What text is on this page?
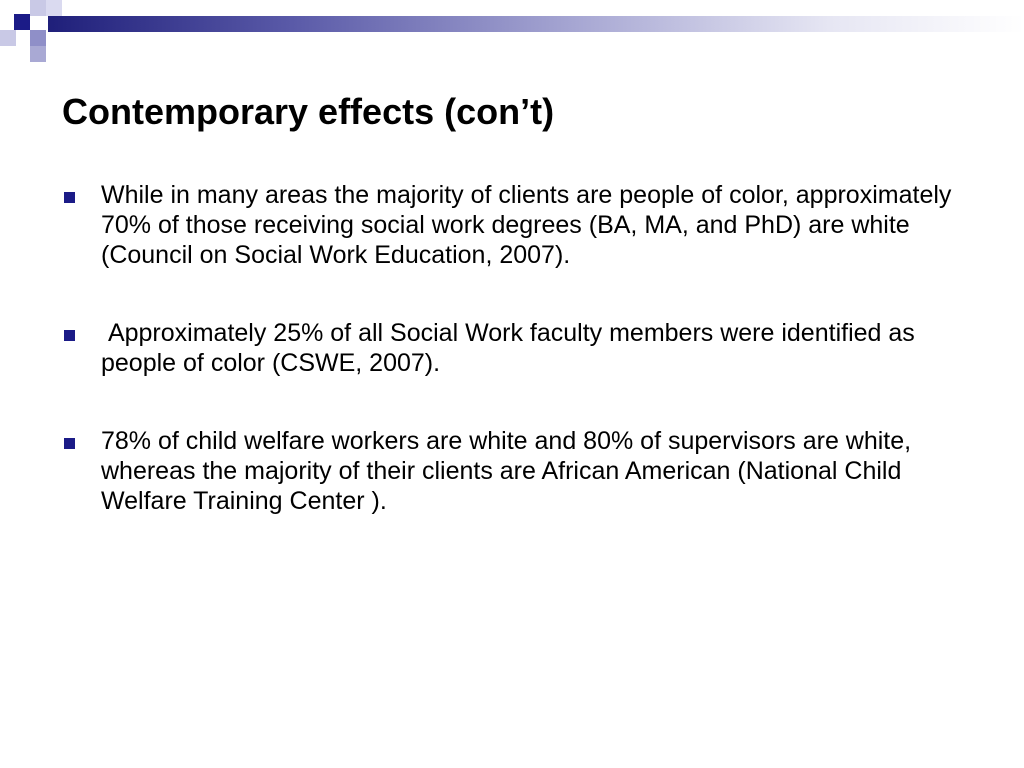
Contemporary effects (con’t)
While in many areas the majority of clients are people of color, approximately 70% of those receiving social work degrees (BA, MA, and PhD) are white (Council on Social Work Education, 2007).
Approximately 25% of all Social Work faculty members were identified as people of color (CSWE, 2007).
78% of child welfare workers are white and 80% of supervisors are white, whereas the majority of their clients are African American (National Child Welfare Training Center ).
